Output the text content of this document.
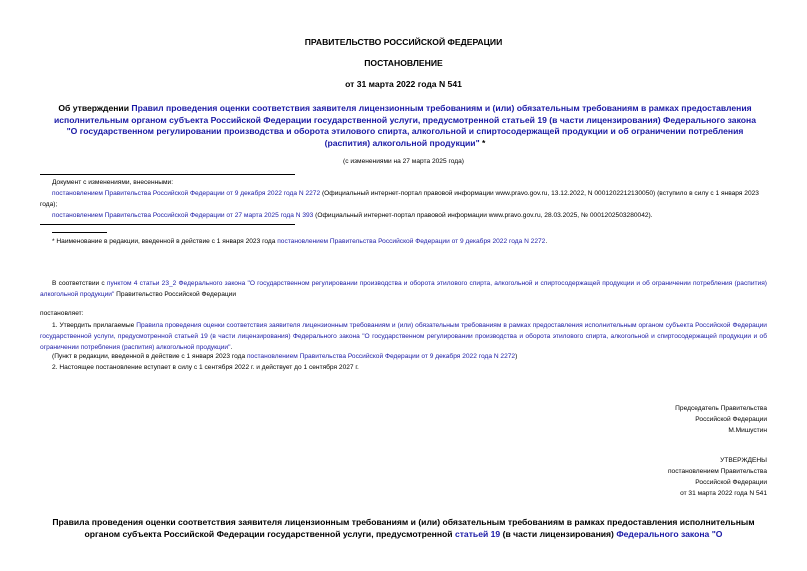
ПРАВИТЕЛЬСТВО РОССИЙСКОЙ ФЕДЕРАЦИИ
ПОСТАНОВЛЕНИЕ
от 31 марта 2022 года N 541
Об утверждении Правил проведения оценки соответствия заявителя лицензионным требованиям и (или) обязательным требованиям в рамках предоставления исполнительным органом субъекта Российской Федерации государственной услуги, предусмотренной статьей 19 (в части лицензирования) Федерального закона "О государственном регулировании производства и оборота этилового спирта, алкогольной и спиртосодержащей продукции и об ограничении потребления (распития) алкогольной продукции" *
(с изменениями на 27 марта 2025 года)
Документ с изменениями, внесенными:
постановлением Правительства Российской Федерации от 9 декабря 2022 года N 2272 (Официальный интернет-портал правовой информации www.pravo.gov.ru, 13.12.2022, N 0001202212130050) (вступило в силу с 1 января 2023 года);
постановлением Правительства Российской Федерации от 27 марта 2025 года N 393 (Официальный интернет-портал правовой информации www.pravo.gov.ru, 28.03.2025, № 0001202503280042).
* Наименование в редакции, введенной в действие с 1 января 2023 года постановлением Правительства Российской Федерации от 9 декабря 2022 года N 2272.
В соответствии с пунктом 4 статьи 23_2 Федерального закона "О государственном регулировании производства и оборота этилового спирта, алкогольной и спиртосодержащей продукции и об ограничении потребления (распития) алкогольной продукции" Правительство Российской Федерации
постановляет:
1. Утвердить прилагаемые Правила проведения оценки соответствия заявителя лицензионным требованиям и (или) обязательным требованиям в рамках предоставления исполнительным органом субъекта Российской Федерации государственной услуги, предусмотренной статьей 19 (в части лицензирования) Федерального закона "О государственном регулировании производства и оборота этилового спирта, алкогольной и спиртосодержащей продукции и об ограничении потребления (распития) алкогольной продукции".
(Пункт в редакции, введенной в действие с 1 января 2023 года постановлением Правительства Российской Федерации от 9 декабря 2022 года N 2272)
2. Настоящее постановление вступает в силу с 1 сентября 2022 г. и действует до 1 сентября 2027 г.
Председатель Правительства
Российской Федерации
М.Мишустин
УТВЕРЖДЕНЫ
постановлением Правительства
Российской Федерации
от 31 марта 2022 года N 541
Правила проведения оценки соответствия заявителя лицензионным требованиям и (или) обязательным требованиям в рамках предоставления исполнительным органом субъекта Российской Федерации государственной услуги, предусмотренной статьей 19 (в части лицензирования) Федерального закона "О
